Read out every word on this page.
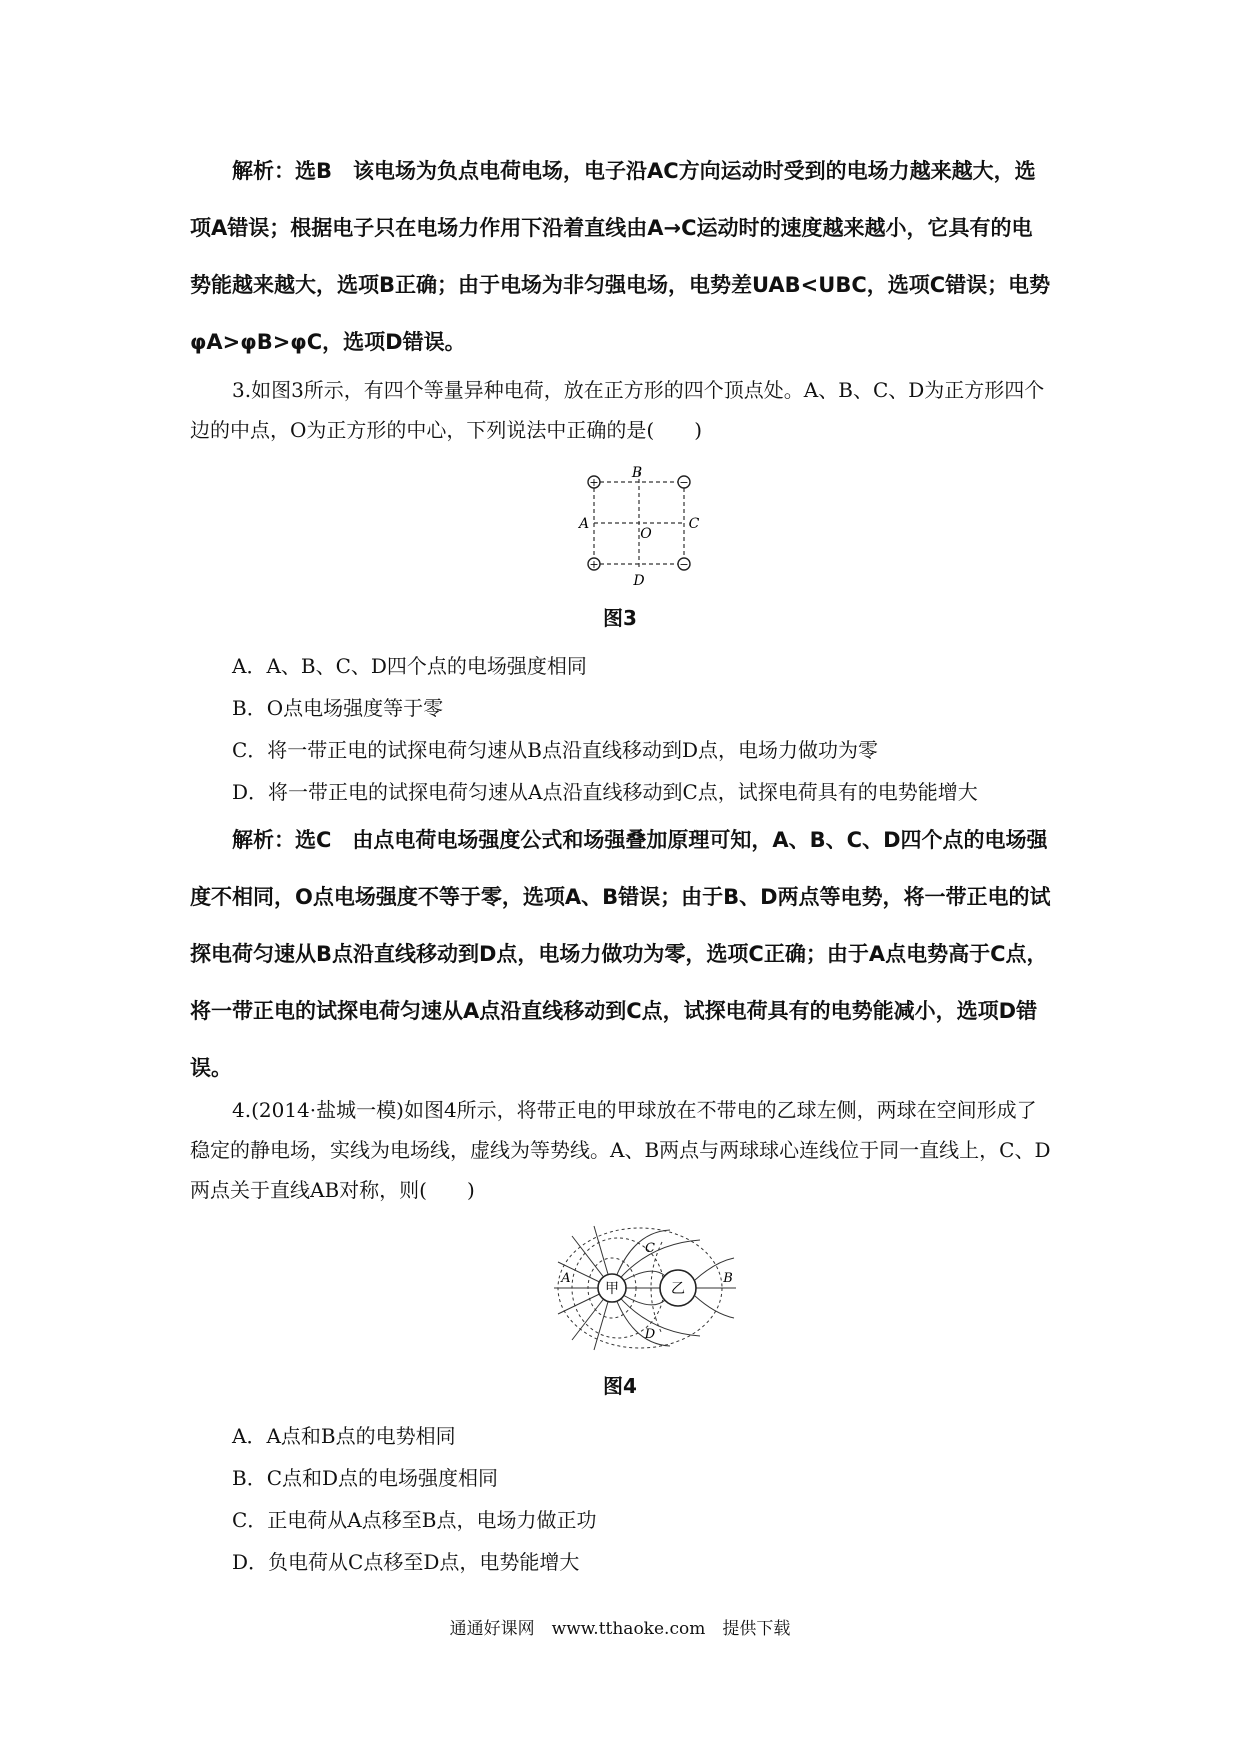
解析：选B　 该电场为负点电荷电场，电子沿AC方向运动时受到的电场力越来越大，选项A错误；根据电子只在电场力作用下沿着直线由A→C运动时的速度越来越小，它具有的电势能越来越大，选项B正确；由于电场为非匀强电场，电势差UAB<UBC，选项C错误；电势φA>φB>φC，选项D错误。
3.如图3所示，有四个等量异种电荷，放在正方形的四个顶点处。A、B、C、D为正方形四个边的中点，O为正方形的中心，下列说法中正确的是(　　)
+	−
+	−
B
A	C
O
D
图3
A．A、B、C、D四个点的电场强度相同
B．O点电场强度等于零
C．将一带正电的试探电荷匀速从B点沿直线移动到D点，电场力做功为零
D．将一带正电的试探电荷匀速从A点沿直线移动到C点，试探电荷具有的电势能增大
解析：选C　 由点电荷电场强度公式和场强叠加原理可知，A、B、C、D四个点的电场强度不相同，O点电场强度不等于零，选项A、B错误；由于B、D两点等电势，将一带正电的试探电荷匀速从B点沿直线移动到D点，电场力做功为零，选项C正确；由于A点电势高于C点，将一带正电的试探电荷匀速从A点沿直线移动到C点，试探电荷具有的电势能减小，选项D错误。
4.(2014·盐城一模)如图4所示，将带正电的甲球放在不带电的乙球左侧，两球在空间形成了稳定的静电场，实线为电场线，虚线为等势线。A、B两点与两球球心连线位于同一直线上，C、D两点关于直线AB对称，则(　　)
甲	乙
A	B
C
D
图4
A．A点和B点的电势相同
B．C点和D点的电场强度相同
C．正电荷从A点移至B点，电场力做正功
D．负电荷从C点移至D点，电势能增大
通通好课网　www.tthaoke.com　提供下载
